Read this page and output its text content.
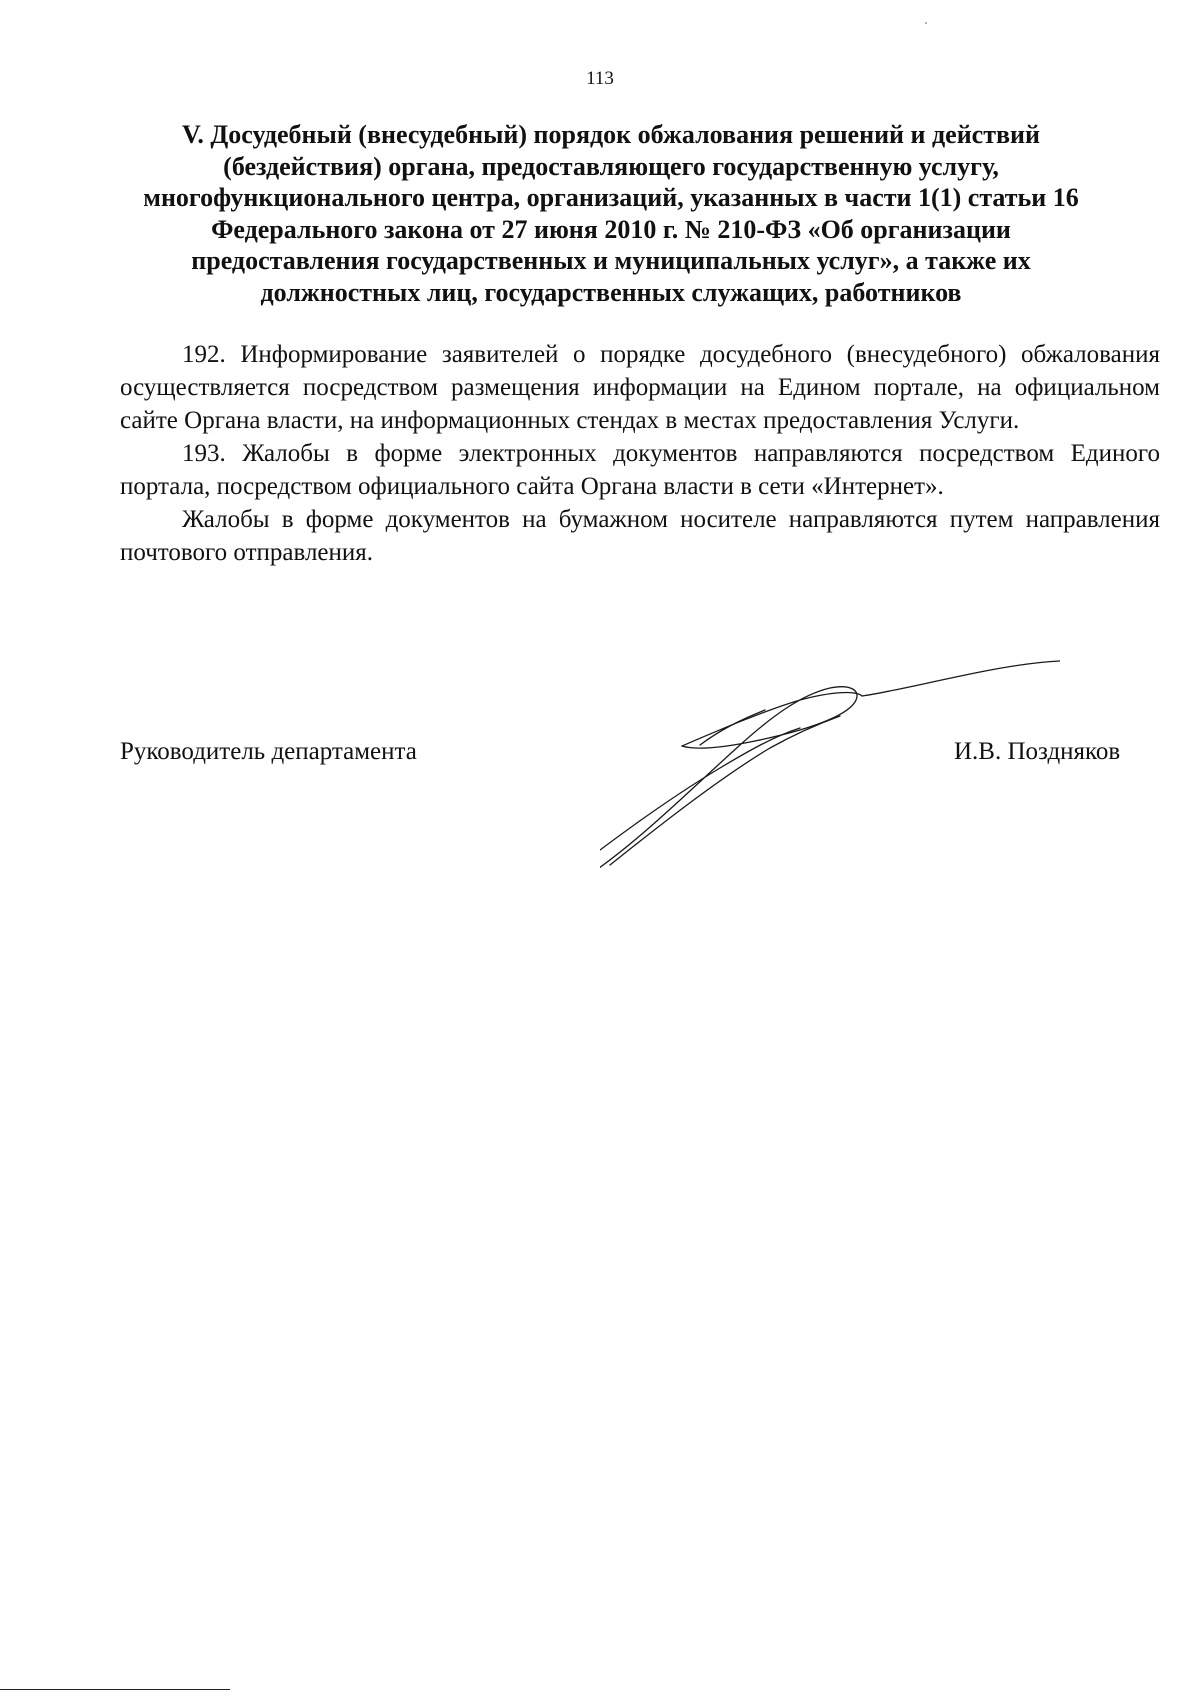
113
V. Досудебный (внесудебный) порядок обжалования решений и действий (бездействия) органа, предоставляющего государственную услугу, многофункционального центра, организаций, указанных в части 1(1) статьи 16 Федерального закона от 27 июня 2010 г. № 210-ФЗ «Об организации предоставления государственных и муниципальных услуг», а также их должностных лиц, государственных служащих, работников

192. Информирование заявителей о порядке досудебного (внесудебного) обжалования осуществляется посредством размещения информации на Едином портале, на официальном сайте Органа власти, на информационных стендах в местах предоставления Услуги.

193. Жалобы в форме электронных документов направляются посредством Единого портала, посредством официального сайта Органа власти в сети «Интернет».

Жалобы в форме документов на бумажном носителе направляются путем направления почтового отправления.

Руководитель департамента	И.В. Поздняков
